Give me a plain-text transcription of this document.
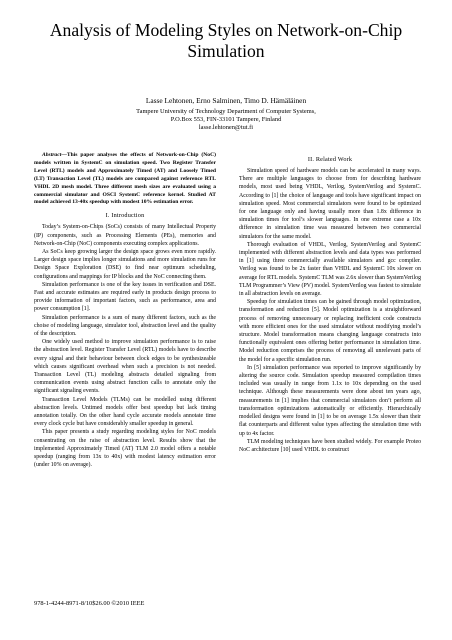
Analysis of Modeling Styles on Network-on-Chip
Simulation
Lasse Lehtonen, Erno Salminen, Timo D. Hämäläinen
Tampere University of Technology Department of Computer Systems,
P.O.Box 553, FIN-33101 Tampere, Finland
lasse.lehtonen@tut.fi

Abstract—This paper analyses the effects of Network-on-Chip (NoC) models written in SystemC on simulation speed. Two Register Transfer Level (RTL) models and Approximately Timed (AT) and Loosely Timed (LT) Transaction Level (TL) models are compared against reference RTL VHDL 2D mesh model. Three different mesh sizes are evaluated using a commercial simulator and OSCI SystemC reference kernel. Studied AT model achieved 13-40x speedup with modest 10% estimation error.

I. Introduction

Today’s System-on-Chips (SoCs) consists of many Intellectual Property (IP) components, such as Processing Elements (PEs), memories and Network-on-Chip (NoC) components executing complex applications.

As SoCs keep growing larger the design space grows even more rapidly. Larger design space implies longer simulations and more simulation runs for Design Space Exploration (DSE) to find near optimum scheduling, configurations and mappings for IP blocks and the NoC connecting them.

Simulation performance is one of the key issues in verification and DSE. Fast and accurate estimates are required early in products design process to provide information of important factors, such as performance, area and power consumption [1].

Simulation performance is a sum of many different factors, such as the choise of modeling language, simulator tool, abstraction level and the quality of the description.

One widely used method to improve simulation performance is to raise the abstraction level. Register Transfer Level (RTL) models have to describe every signal and their behaviour between clock edges to be synthesizeable which causes significant overhead when such a precision is not needed. Transaction Level (TL) modeling abstracts detailed signaling from communication events using abstract function calls to annotate only the significant signaling events.

Transaction Level Models (TLMs) can be modelled using different abstraction levels. Untimed models offer best speedup but lack timing annotation totally. On the other hand cycle accurate models annotate time every clock cycle but have considerably smaller speedup in general.

This paper presents a study regarding modeling styles for NoC models consentrating on the raise of abstraction level. Results show that the implemented Approximately Timed (AT) TLM 2.0 model offers a notable speedup (ranging from 13x to 40x) with modest latency estimation error (under 10% on average).

II. Related Work

Simulation speed of hardware models can be accelerated in many ways. There are multiple languages to choose from for describing hardware models, most used being VHDL, Verilog, SystemVerilog and SystemC. According to [1] the choice of language and tools have significant impact on simulation speed. Most commercial simulators were found to be optimized for one language only and having usually more than 1.8x difference in simulation times for tool’s slower languages. In one extreme case a 10x difference in simulation time was measured between two commercial simulators for the same model.

Thorough evaluation of VHDL, Verilog, SystemVerilog and SystemC implemented with different abstraction levels and data types was performed in [1] using three commercially available simulators and gcc compiler. Verilog was found to be 2x faster than VHDL and SystemC 10x slower on average for RTL models. SystemC TLM was 2.6x slower than SystemVerilog TLM Programmer’s View (PV) model. SystemVerilog was fastest to simulate in all abstraction levels on average.

Speedup for simulation times can be gained through model optimization, transformation and reduction [5]. Model optimization is a straightforward process of removing unnecessary or replacing inefficient code constructs with more efficient ones for the used simulator without modifying model’s structure. Model transformation means changing language constructs into functionally equivalent ones offering better performance in simulation time. Model reduction comprises the process of removing all unrelevant parts of the model for a specific simulation run.

In [5] simulation performance was reported to improve significantly by altering the source code. Simulation speedup measured compilation times included was usually in range from 1.1x to 10x depending on the used technique. Although these measurements were done about ten years ago, measurements in [1] implies that commercial simulators don’t perform all transformation optimizations automatically or efficiently. Hierarchically modelled designs were found in [1] to be on average 1.5x slower than their flat counterparts and different value types affecting the simulation time with up to 4x factor.

TLM modeling techniques have been studied widely. For example Proteo NoC architecture [10] used VHDL to construct

978-1-4244-8971-8/10$26.00 ©2010 IEEE
